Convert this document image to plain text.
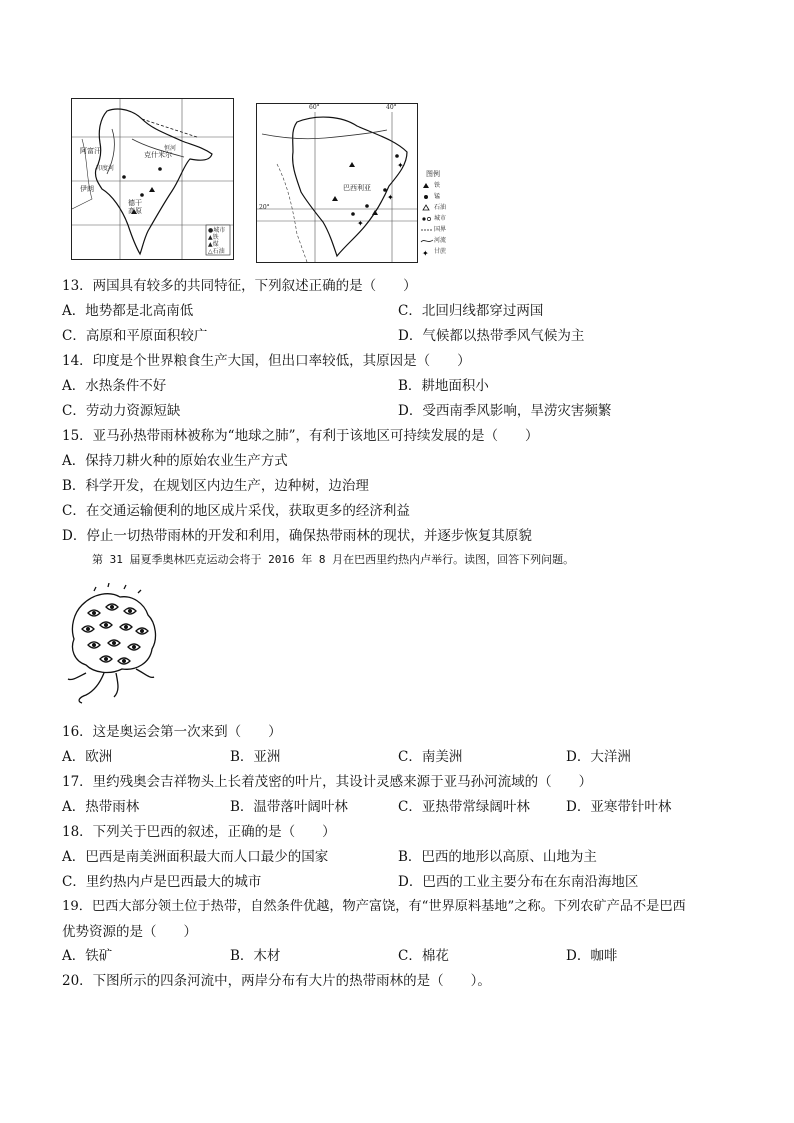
克什米尔
阿富汗
伊朗
德干高原
印度河
恒河
●城市
▲铁
▲煤
△石油
✦
✦
✦
60°	40°
20°
巴西利亚
图例
铁
锰
石油
城市
国界
河流
甘蔗
✦
13．两国具有较多的共同特征，下列叙述正确的是（　　）
A．地势都是北高南低	C．北回归线都穿过两国
C．高原和平原面积较广	D．气候都以热带季风气候为主
14．印度是个世界粮食生产大国，但出口率较低，其原因是（　　）
A．水热条件不好	B．耕地面积小
C．劳动力资源短缺	D．受西南季风影响，旱涝灾害频繁
15．亚马孙热带雨林被称为“地球之肺”，有利于该地区可持续发展的是（　　）
A．保持刀耕火种的原始农业生产方式
B．科学开发，在规划区内边生产，边种树，边治理
C．在交通运输便利的地区成片采伐，获取更多的经济利益
D．停止一切热带雨林的开发和利用，确保热带雨林的现状，并逐步恢复其原貌
第 31 届夏季奥林匹克运动会将于 2016 年 8 月在巴西里约热内卢举行。读图，回答下列问题。
16．这是奥运会第一次来到（　　）
A．欧洲	B．亚洲	C．南美洲	D．大洋洲
17．里约残奥会吉祥物头上长着茂密的叶片，其设计灵感来源于亚马孙河流域的（　　）
A．热带雨林	B．温带落叶阔叶林	C．亚热带常绿阔叶林	D．亚寒带针叶林
18．下列关于巴西的叙述，正确的是（　　）
A．巴西是南美洲面积最大而人口最少的国家	B．巴西的地形以高原、山地为主
C．里约热内卢是巴西最大的城市	D．巴西的工业主要分布在东南沿海地区
19．巴西大部分领土位于热带，自然条件优越，物产富饶，有“世界原料基地”之称。下列农矿产品不是巴西
优势资源的是（　　）
A．铁矿	B．木材	C．棉花	D．咖啡
20．下图所示的四条河流中，两岸分布有大片的热带雨林的是（　　）。
